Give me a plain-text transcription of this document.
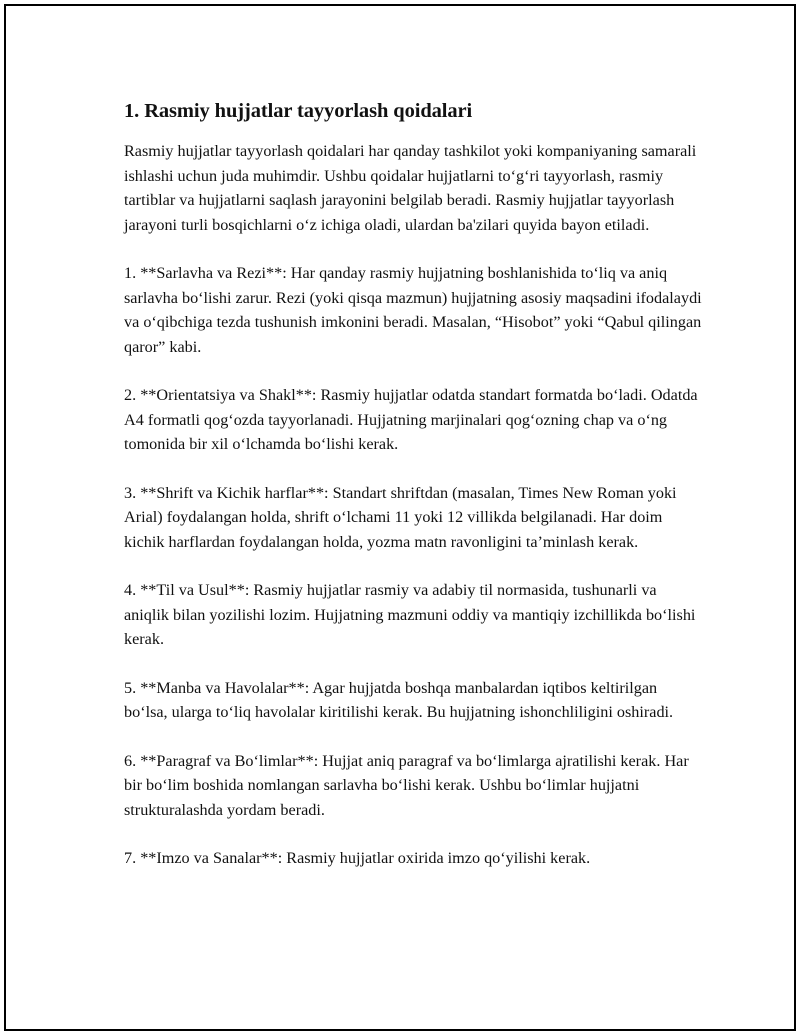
1. Rasmiy hujjatlar tayyorlash qoidalari

Rasmiy hujjatlar tayyorlash qoidalari har qanday tashkilot yoki kompaniyaning samarali ishlashi uchun juda muhimdir. Ushbu qoidalar hujjatlarni to‘g‘ri tayyorlash, rasmiy tartiblar va hujjatlarni saqlash jarayonini belgilab beradi. Rasmiy hujjatlar tayyorlash jarayoni turli bosqichlarni o‘z ichiga oladi, ulardan ba'zilari quyida bayon etiladi.

1. **Sarlavha va Rezi**: Har qanday rasmiy hujjatning boshlanishida to‘liq va aniq sarlavha bo‘lishi zarur. Rezi (yoki qisqa mazmun) hujjatning asosiy maqsadini ifodalaydi va o‘qibchiga tezda tushunish imkonini beradi. Masalan, “Hisobot” yoki “Qabul qilingan qaror” kabi.

2. **Orientatsiya va Shakl**: Rasmiy hujjatlar odatda standart formatda bo‘ladi. Odatda A4 formatli qog‘ozda tayyorlanadi. Hujjatning marjinalari qog‘ozning chap va o‘ng tomonida bir xil o‘lchamda bo‘lishi kerak.

3. **Shrift va Kichik harflar**: Standart shriftdan (masalan, Times New Roman yoki Arial) foydalangan holda, shrift o‘lchami 11 yoki 12 villikda belgilanadi. Har doim kichik harflardan foydalangan holda, yozma matn ravonligini ta’minlash kerak.

4. **Til va Usul**: Rasmiy hujjatlar rasmiy va adabiy til normasida, tushunarli va aniqlik bilan yozilishi lozim. Hujjatning mazmuni oddiy va mantiqiy izchillikda bo‘lishi kerak.

5. **Manba va Havolalar**: Agar hujjatda boshqa manbalardan iqtibos keltirilgan bo‘lsa, ularga to‘liq havolalar kiritilishi kerak. Bu hujjatning ishonchliligini oshiradi.

6. **Paragraf va Bo‘limlar**: Hujjat aniq paragraf va bo‘limlarga ajratilishi kerak. Har bir bo‘lim boshida nomlangan sarlavha bo‘lishi kerak. Ushbu bo‘limlar hujjatni strukturalashda yordam beradi.

7. **Imzo va Sanalar**: Rasmiy hujjatlar oxirida imzo qo‘yilishi kerak.
